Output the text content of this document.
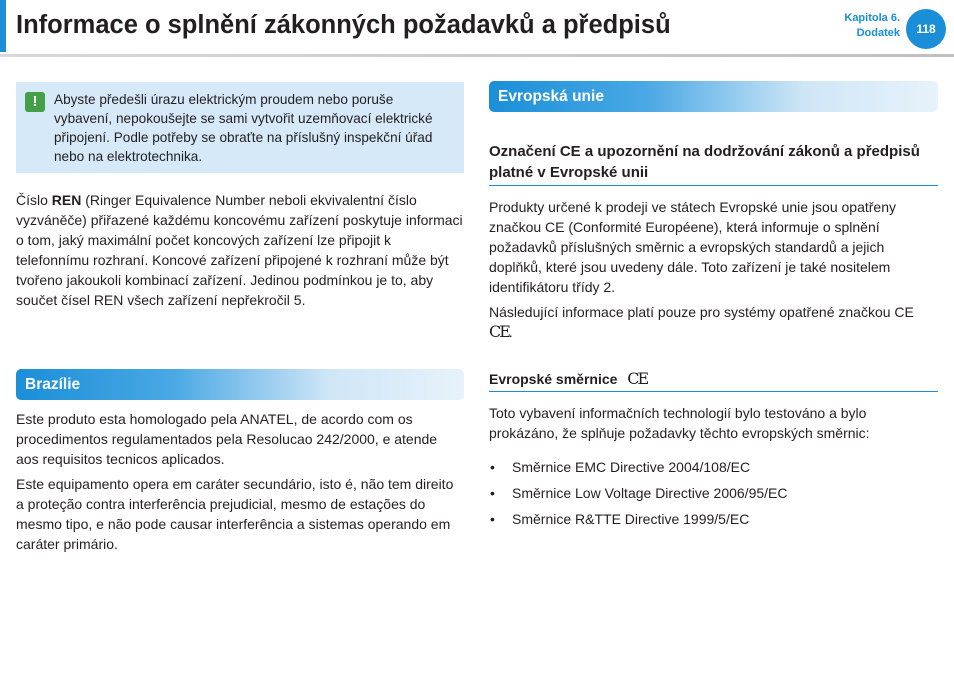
Informace o splnění zákonných požadavků a předpisů	Kapitola 6.
Dodatek	118
!	Abyste předešli úrazu elektrickým proudem nebo poruše vybavení, nepokoušejte se sami vytvořit uzemňovací elektrické připojení. Podle potřeby se obraťte na příslušný inspekční úřad nebo na elektrotechnika.

Číslo REN (Ringer Equivalence Number neboli ekvivalentní číslo vyzváněče) přiřazené každému koncovému zařízení poskytuje informaci o tom, jaký maximální počet koncových zařízení lze připojit k telefonnímu rozhraní. Koncové zařízení připojené k rozhraní může být tvořeno jakoukoli kombinací zařízení. Jedinou podmínkou je to, aby součet čísel REN všech zařízení nepřekročil 5.

Brazílie

Este produto esta homologado pela ANATEL, de acordo com os procedimentos regulamentados pela Resolucao 242/2000, e atende aos requisitos tecnicos aplicados.

Este equipamento opera em caráter secundário, isto é, não tem direito a proteção contra interferência prejudicial, mesmo de estações do mesmo tipo, e não pode causar interferência a sistemas operando em caráter primário.

Evropská unie
Označení CE a upozornění na dodržování zákonů a předpisů platné v Evropské unii

Produkty určené k prodeji ve státech Evropské unie jsou opatřeny značkou CE (Conformité Européene), která informuje o splnění požadavků příslušných směrnic a evropských standardů a jejich doplňků, které jsou uvedeny dále. Toto zařízení je také nositelem identifikátoru třídy 2.

Následující informace platí pouze pro systémy opatřené značkou CE CE.

Evropské směrnice CE

Toto vybavení informačních technologií bylo testováno a bylo prokázáno, že splňuje požadavky těchto evropských směrnic:

• Směrnice EMC Directive 2004/108/EC
• Směrnice Low Voltage Directive 2006/95/EC
• Směrnice R&TTE Directive 1999/5/EC
